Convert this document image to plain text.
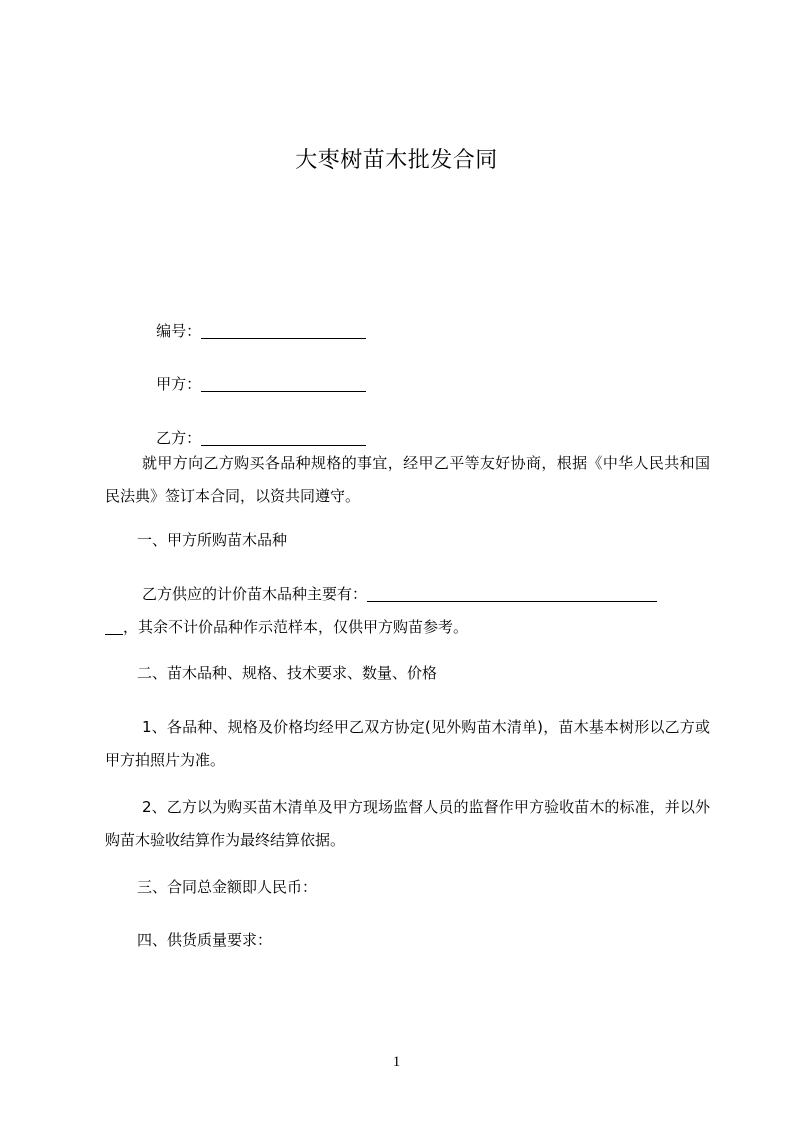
大枣树苗木批发合同

编号：

甲方：

乙方：

就甲方向乙方购买各品种规格的事宜，经甲乙平等友好协商，根据《中华人民共和国民法典》签订本合同，以资共同遵守。
一、甲方所购苗木品种
乙方供应的计价苗木品种主要有：
，其余不计价品种作示范样本，仅供甲方购苗参考。
二、苗木品种、规格、技术要求、数量、价格
1、各品种、规格及价格均经甲乙双方协定(见外购苗木清单)，苗木基本树形以乙方或甲方拍照片为准。
2、乙方以为购买苗木清单及甲方现场监督人员的监督作甲方验收苗木的标准，并以外购苗木验收结算作为最终结算依据。
三、合同总金额即人民币：
四、供货质量要求：
1
